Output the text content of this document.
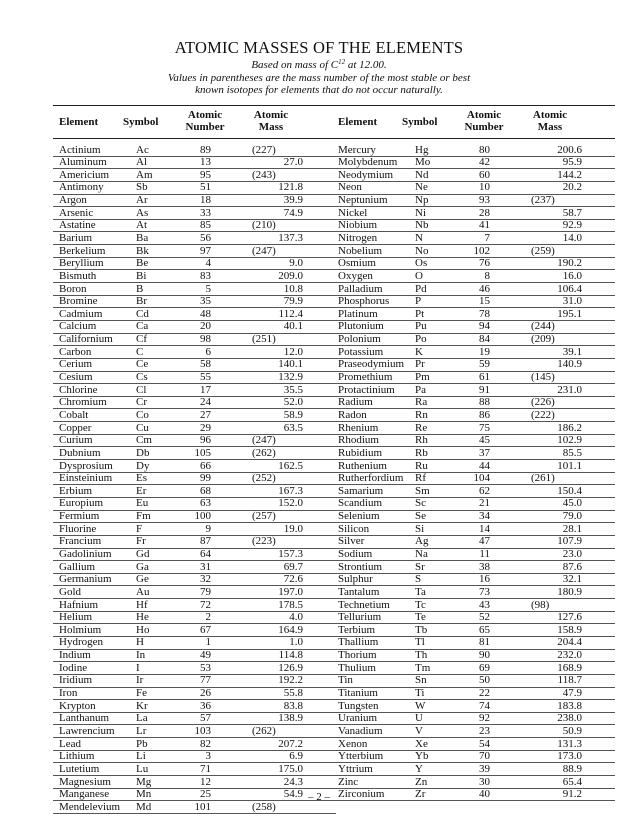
ATOMIC MASSES OF THE ELEMENTS
Based on mass of $C^{12}$ at 12.00.
Values in parentheses are the mass number of the most stable or best
known isotopes for elements that do not occur naturally.
Element Symbol
Atomic
Number
Atomic
Mass
Actinium	Ac	89	(227)
Aluminum	Al	13	27.0
Americium Am	95	(243)
Antimony	Sb	51	121.8
Argon	Ar	18	39.9
Arsenic	As	33	74.9
Astatine	At	85	(210)
Barium	Ba	56	137.3
Berkelium	Bk	97	(247)
Beryllium	Be	4	9.0
Bismuth	Bi	83	209.0
Boron	B	5	10.8
Bromine	Br	35	79.9
Cadmium	Cd	48	112.4
Calcium	Ca	20	40.1
Californium Cf	98	(251)
Carbon	C	6	12.0
Cerium	Ce	58	140.1
Cesium	Cs	55	132.9
Chlorine	Cl	17	35.5
Chromium	Cr	24	52.0
Cobalt	Co	27	58.9
Copper	Cu	29	63.5
Curium	Cm	96	(247)
Dubnium	Db	105	(262)
Dysprosium Dy	66	162.5
Einsteinium Es	99	(252)
Erbium	Er	68	167.3
Europium	Eu	63	152.0
Fermium	Fm	100	(257)
Fluorine	F	9	19.0
Francium	Fr	87	(223)
Gadolinium Gd	64	157.3
Gallium	Ga	31	69.7
Germanium Ge	32	72.6
Gold	Au	79	197.0
Hafnium	Hf	72	178.5
Helium	He	2	4.0
Holmium	Ho	67	164.9
Hydrogen	H	1	1.0
Indium	In	49	114.8
Iodine	I	53	126.9
Iridium	Ir	77	192.2
Iron	Fe	26	55.8
Krypton	Kr	36	83.8
Lanthanum La	57	138.9
Lawrencium Lr	103	(262)
Lead	Pb	82	207.2
Lithium	Li	3	6.9
Lutetium	Lu	71	175.0
Magnesium Mg	12	24.3
Manganese Mn	25	54.9
Mendelevium Md	101	(258)
Element Symbol
Atomic
Number
Atomic
Mass
Mercury	Hg	80	200.6
Molybdenum Mo	42	95.9
Neodymium Nd	60	144.2
Neon	Ne	10	20.2
Neptunium	Np	93	(237)
Nickel	Ni	28	58.7
Niobium	Nb	41	92.9
Nitrogen	N	7	14.0
Nobelium	No	102	(259)
Osmium	Os	76	190.2
Oxygen	O	8	16.0
Palladium	Pd	46	106.4
Phosphorus P	15	31.0
Platinum	Pt	78	195.1
Plutonium	Pu	94	(244)
Polonium	Po	84	(209)
Potassium	K	19	39.1
Praseodymium Pr	59	140.9
Promethium Pm	61	(145)
Protactinium Pa	91	231.0
Radium	Ra	88	(226)
Radon	Rn	86	(222)
Rhenium	Re	75	186.2
Rhodium	Rh	45	102.9
Rubidium	Rb	37	85.5
Ruthenium	Ru	44	101.1
Rutherfordium Rf	104	(261)
Samarium	Sm	62	150.4
Scandium	Sc	21	45.0
Selenium	Se	34	79.0
Silicon	Si	14	28.1
Silver	Ag	47	107.9
Sodium	Na	11	23.0
Strontium	Sr	38	87.6
Sulphur	S	16	32.1
Tantalum	Ta	73	180.9
Technetium Tc	43	(98)
Tellurium	Te	52	127.6
Terbium	Tb	65	158.9
Thallium	Tl	81	204.4
Thorium	Th	90	232.0
Thulium	Tm	69	168.9
Tin	Sn	50	118.7
Titanium	Ti	22	47.9
Tungsten	W	74	183.8
Uranium	U	92	238.0
Vanadium	V	23	50.9
Xenon	Xe	54	131.3
Ytterbium	Yb	70	173.0
Yttrium	Y	39	88.9
Zinc	Zn	30	65.4
Zirconium	Zr	40	91.2
– 2 –
